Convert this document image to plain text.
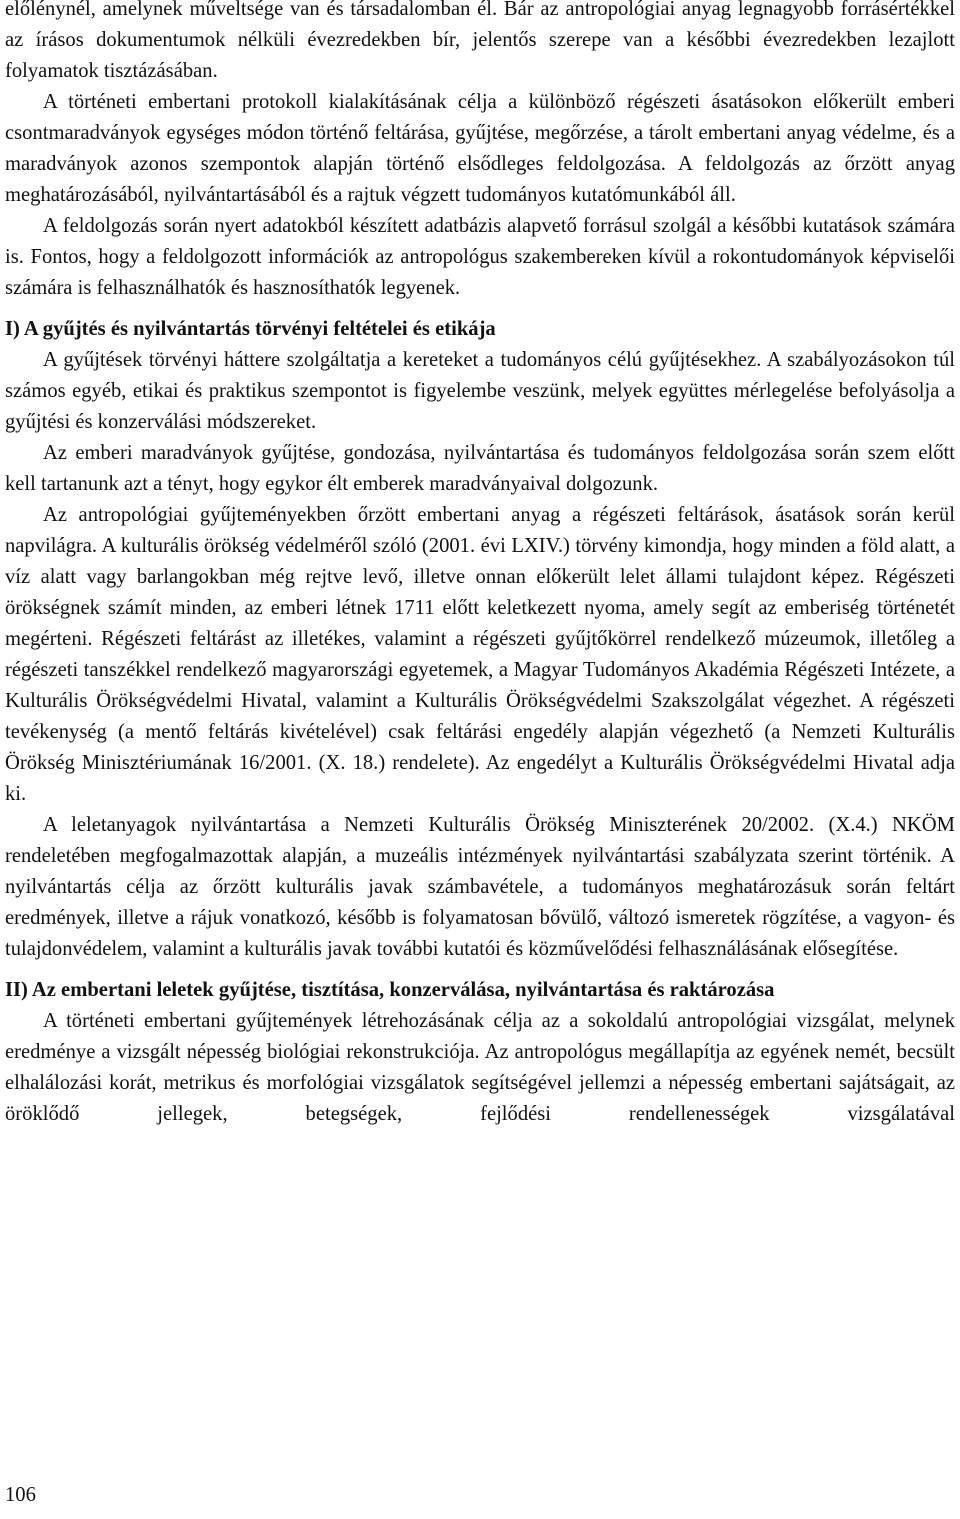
előlénynél, amelynek műveltsége van és társadalomban él. Bár az antropológiai anyag legnagyobb forrásértékkel az írásos dokumentumok nélküli évezredekben bír, jelentős szerepe van a későbbi évezredekben lezajlott folyamatok tisztázásában.

A történeti embertani protokoll kialakításának célja a különböző régészeti ásatásokon előkerült emberi csontmaradványok egységes módon történő feltárása, gyűjtése, megőrzése, a tárolt embertani anyag védelme, és a maradványok azonos szempontok alapján történő elsődleges feldolgozása. A feldolgozás az őrzött anyag meghatározásából, nyilvántartásából és a rajtuk végzett tudományos kutatómunkából áll.

A feldolgozás során nyert adatokból készített adatbázis alapvető forrásul szolgál a későbbi kutatások számára is. Fontos, hogy a feldolgozott információk az antropológus szakembereken kívül a rokontudományok képviselői számára is felhasználhatók és hasznosíthatók legyenek.

I) A gyűjtés és nyilvántartás törvényi feltételei és etikája

A gyűjtések törvényi háttere szolgáltatja a kereteket a tudományos célú gyűjtésekhez. A szabályozásokon túl számos egyéb, etikai és praktikus szempontot is figyelembe veszünk, melyek együttes mérlegelése befolyásolja a gyűjtési és konzerválási módszereket.

Az emberi maradványok gyűjtése, gondozása, nyilvántartása és tudományos feldolgozása során szem előtt kell tartanunk azt a tényt, hogy egykor élt emberek maradványaival dolgozunk.

Az antropológiai gyűjteményekben őrzött embertani anyag a régészeti feltárások, ásatások során kerül napvilágra. A kulturális örökség védelméről szóló (2001. évi LXIV.) törvény kimondja, hogy minden a föld alatt, a víz alatt vagy barlangokban még rejtve levő, illetve onnan előkerült lelet állami tulajdont képez. Régészeti örökségnek számít minden, az emberi létnek 1711 előtt keletkezett nyoma, amely segít az emberiség történetét megérteni. Régészeti feltárást az illetékes, valamint a régészeti gyűjtőkörrel rendelkező múzeumok, illetőleg a régészeti tanszékkel rendelkező magyarországi egyetemek, a Magyar Tudományos Akadémia Régészeti Intézete, a Kulturális Örökségvédelmi Hivatal, valamint a Kulturális Örökségvédelmi Szakszolgálat végezhet. A régészeti tevékenység (a mentő feltárás kivételével) csak feltárási engedély alapján végezhető (a Nemzeti Kulturális Örökség Minisztériumának 16/2001. (X. 18.) rendelete). Az engedélyt a Kulturális Örökségvédelmi Hivatal adja ki.

A leletanyagok nyilvántartása a Nemzeti Kulturális Örökség Miniszterének 20/2002. (X.4.) NKÖM rendeletében megfogalmazottak alapján, a muzeális intézmények nyilvántartási szabályzata szerint történik. A nyilvántartás célja az őrzött kulturális javak számbavétele, a tudományos meghatározásuk során feltárt eredmények, illetve a rájuk vonatkozó, később is folyamatosan bővülő, változó ismeretek rögzítése, a vagyon- és tulajdonvédelem, valamint a kulturális javak további kutatói és közművelődési felhasználásának elősegítése.

II) Az embertani leletek gyűjtése, tisztítása, konzerválása, nyilvántartása és raktározása

A történeti embertani gyűjtemények létrehozásának célja az a sokoldalú antropológiai vizsgálat, melynek eredménye a vizsgált népesség biológiai rekonstrukciója. Az antropológus megállapítja az egyének nemét, becsült elhalálozási korát, metrikus és morfológiai vizsgálatok segítségével jellemzi a népesség embertani sajátságait, az öröklődő jellegek, betegségek, fejlődési rendellenességek vizsgálatával

106
